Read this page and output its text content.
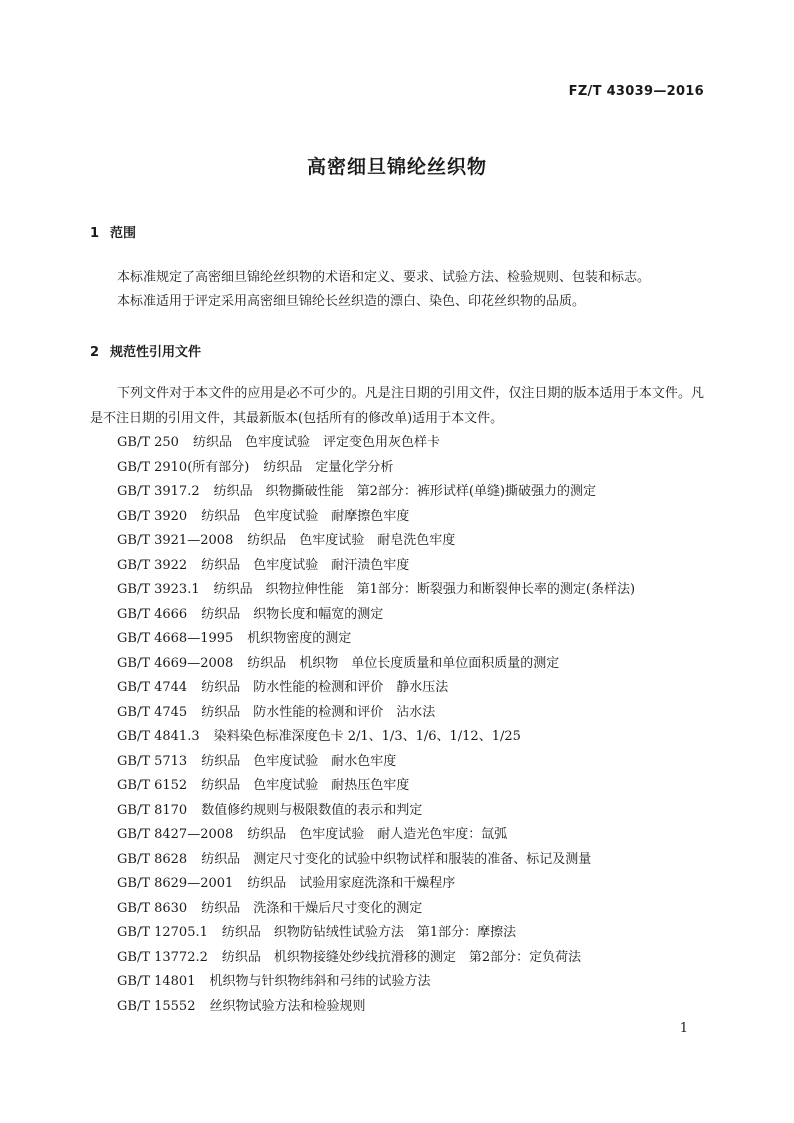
FZ/T 43039—2016
高密细旦锦纶丝织物
1 范围

本标准规定了高密细旦锦纶丝织物的术语和定义、要求、试验方法、检验规则、包装和标志。

本标准适用于评定采用高密细旦锦纶长丝织造的漂白、染色、印花丝织物的品质。

2 规范性引用文件

下列文件对于本文件的应用是必不可少的。凡是注日期的引用文件，仅注日期的版本适用于本文件。凡是不注日期的引用文件，其最新版本(包括所有的修改单)适用于本文件。

GB/T 250 纺织品　色牢度试验　评定变色用灰色样卡
GB/T 2910(所有部分) 纺织品　定量化学分析
GB/T 3917.2 纺织品　织物撕破性能　第2部分：裤形试样(单缝)撕破强力的测定
GB/T 3920 纺织品　色牢度试验　耐摩擦色牢度
GB/T 3921—2008 纺织品　色牢度试验　耐皂洗色牢度
GB/T 3922 纺织品　色牢度试验　耐汗渍色牢度
GB/T 3923.1 纺织品　织物拉伸性能　第1部分：断裂强力和断裂伸长率的测定(条样法)
GB/T 4666 纺织品　织物长度和幅宽的测定
GB/T 4668—1995 机织物密度的测定
GB/T 4669—2008 纺织品　机织物　单位长度质量和单位面积质量的测定
GB/T 4744 纺织品　防水性能的检测和评价　静水压法
GB/T 4745 纺织品　防水性能的检测和评价　沾水法
GB/T 4841.3 染料染色标准深度色卡 2/1、1/3、1/6、1/12、1/25
GB/T 5713 纺织品　色牢度试验　耐水色牢度
GB/T 6152 纺织品　色牢度试验　耐热压色牢度
GB/T 8170 数值修约规则与极限数值的表示和判定
GB/T 8427—2008 纺织品　色牢度试验　耐人造光色牢度：氙弧
GB/T 8628 纺织品　测定尺寸变化的试验中织物试样和服装的准备、标记及测量
GB/T 8629—2001 纺织品　试验用家庭洗涤和干燥程序
GB/T 8630 纺织品　洗涤和干燥后尺寸变化的测定
GB/T 12705.1 纺织品　织物防钻绒性试验方法　第1部分：摩擦法
GB/T 13772.2 纺织品　机织物接缝处纱线抗滑移的测定　第2部分：定负荷法
GB/T 14801 机织物与针织物纬斜和弓纬的试验方法
GB/T 15552 丝织物试验方法和检验规则
1
